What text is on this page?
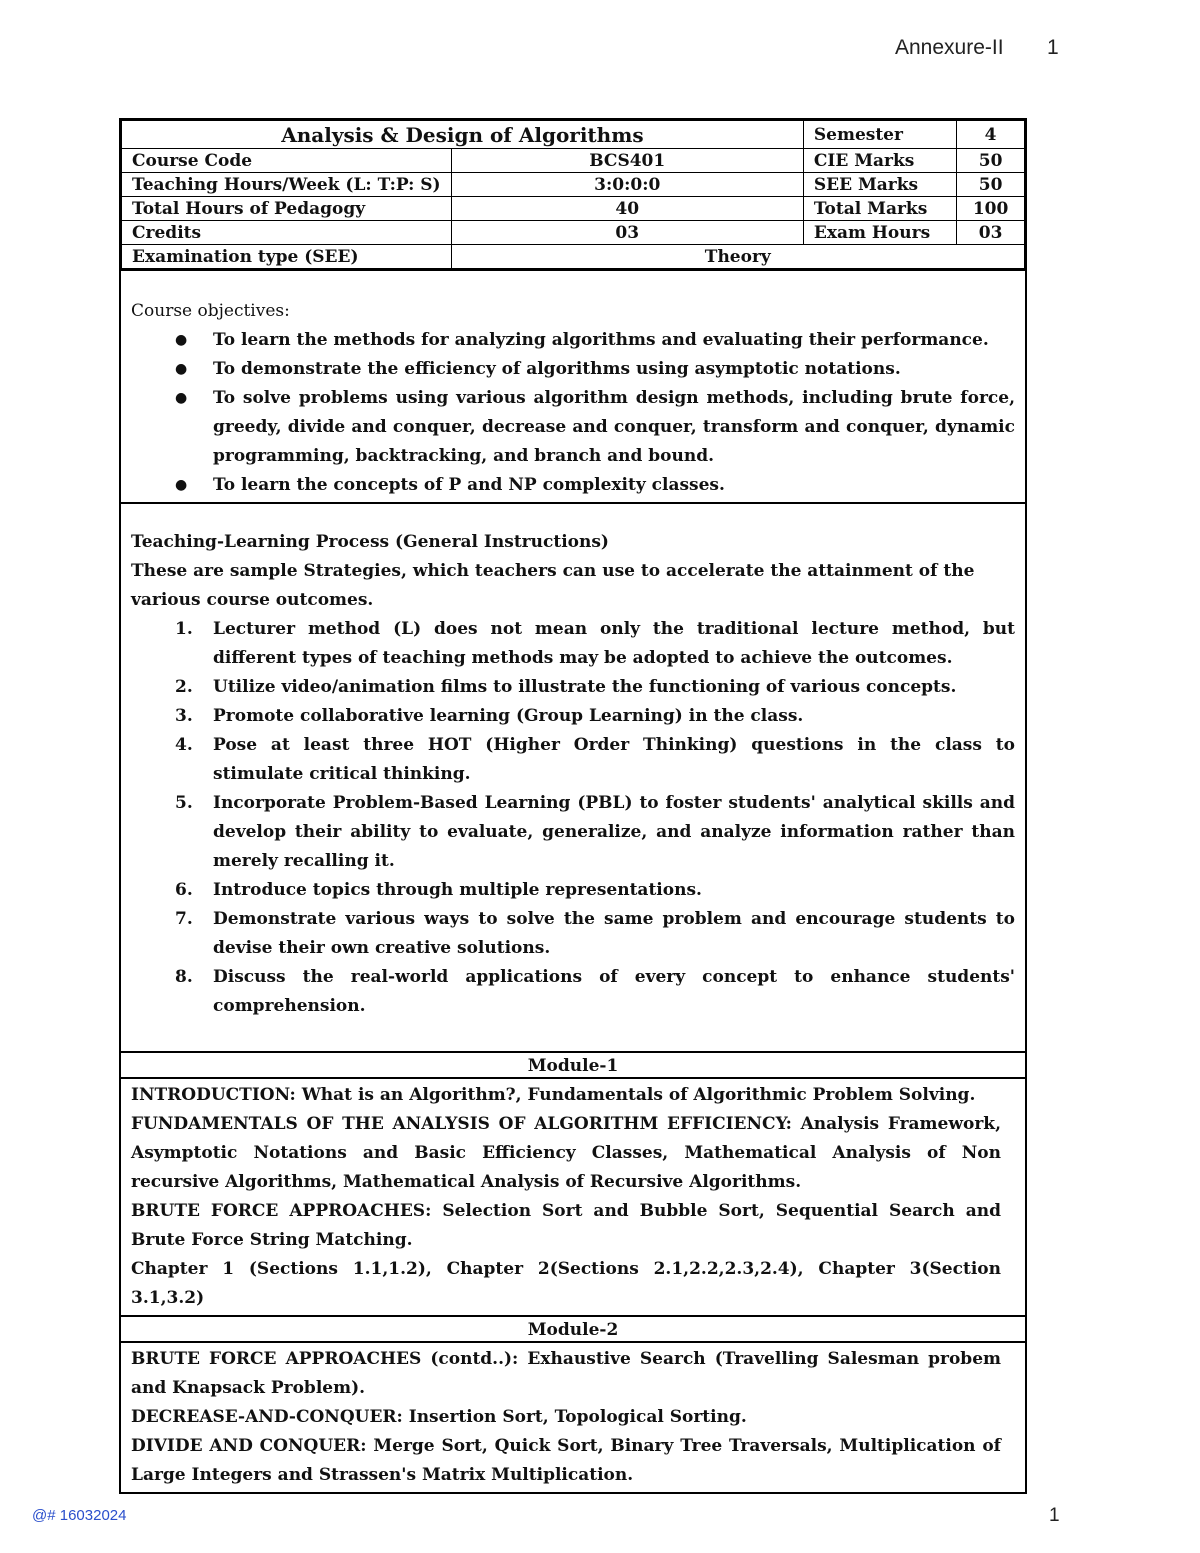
Annexure-II 1
Analysis & Design of Algorithms		Semester	4
Course Code	BCS401	CIE Marks	50
Teaching Hours/Week (L: T:P: S)	3:0:0:0	SEE Marks	50
Total Hours of Pedagogy	40	Total Marks	100
Credits	03	Exam Hours	03
Examination type (SEE)	Theory		
Course objectives:
● To learn the methods for analyzing algorithms and evaluating their performance.
● To demonstrate the efficiency of algorithms using asymptotic notations.
● To solve problems using various algorithm design methods, including brute force, greedy, divide and conquer, decrease and conquer, transform and conquer, dynamic programming, backtracking, and branch and bound.
● To learn the concepts of P and NP complexity classes.
Teaching-Learning Process (General Instructions)
These are sample Strategies, which teachers can use to accelerate the attainment of the various course outcomes.
1. Lecturer method (L) does not mean only the traditional lecture method, but different types of teaching methods may be adopted to achieve the outcomes.
2. Utilize video/animation films to illustrate the functioning of various concepts.
3. Promote collaborative learning (Group Learning) in the class.
4. Pose at least three HOT (Higher Order Thinking) questions in the class to stimulate critical thinking.
5. Incorporate Problem-Based Learning (PBL) to foster students' analytical skills and develop their ability to evaluate, generalize, and analyze information rather than merely recalling it.
6. Introduce topics through multiple representations.
7. Demonstrate various ways to solve the same problem and encourage students to devise their own creative solutions.
8. Discuss the real-world applications of every concept to enhance students' comprehension.
Module-1

INTRODUCTION: What is an Algorithm?, Fundamentals of Algorithmic Problem Solving.

FUNDAMENTALS OF THE ANALYSIS OF ALGORITHM EFFICIENCY: Analysis Framework, Asymptotic Notations and Basic Efficiency Classes, Mathematical Analysis of Non recursive Algorithms, Mathematical Analysis of Recursive Algorithms.

BRUTE FORCE APPROACHES: Selection Sort and Bubble Sort, Sequential Search and Brute Force String Matching.

Chapter 1 (Sections 1.1,1.2), Chapter 2(Sections 2.1,2.2,2.3,2.4), Chapter 3(Section 3.1,3.2)

Module-2

BRUTE FORCE APPROACHES (contd..): Exhaustive Search (Travelling Salesman probem and Knapsack Problem).

DECREASE-AND-CONQUER: Insertion Sort, Topological Sorting.

DIVIDE AND CONQUER: Merge Sort, Quick Sort, Binary Tree Traversals, Multiplication of Large Integers and Strassen's Matrix Multiplication.

@# 16032024	1
